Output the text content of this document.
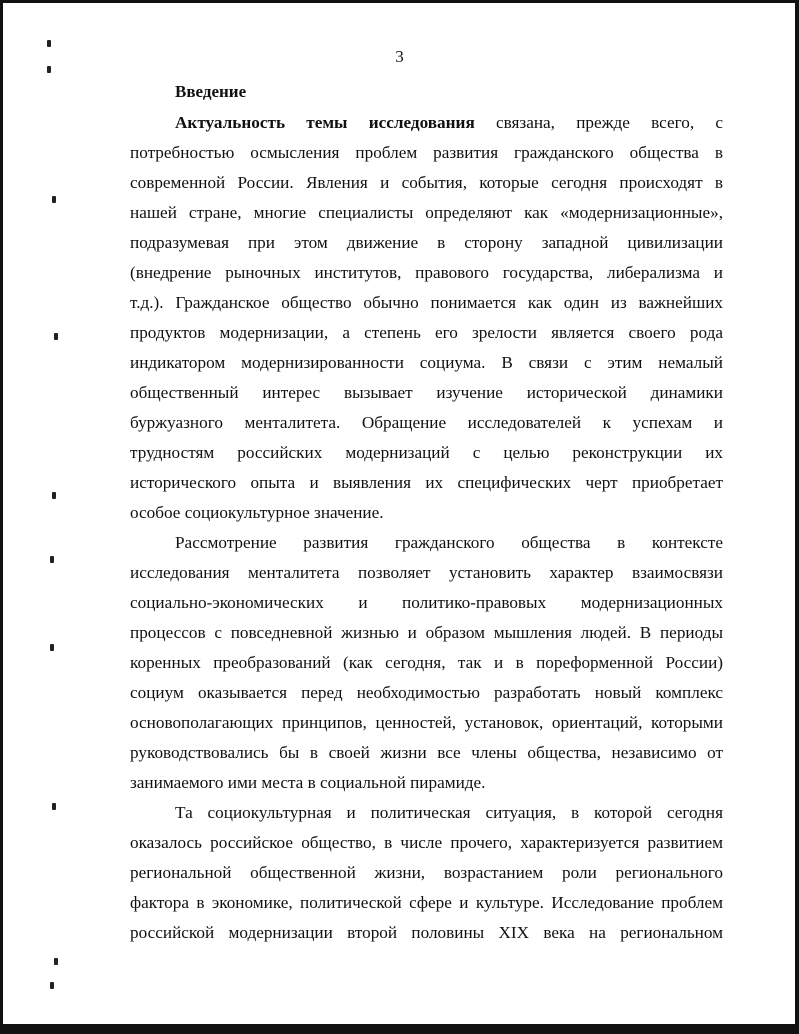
3
Введение
Актуальность темы исследования связана, прежде всего, с
потребностью осмысления проблем развития гражданского общества в
современной России. Явления и события, которые сегодня происходят в
нашей стране, многие специалисты определяют как «модернизационные»,
подразумевая при этом движение в сторону западной цивилизации
(внедрение рыночных институтов, правового государства, либерализма и
т.д.). Гражданское общество обычно понимается как один из важнейших
продуктов модернизации, а степень его зрелости является своего рода
индикатором модернизированности социума. В связи с этим немалый
общественный интерес вызывает изучение исторической динамики
буржуазного менталитета. Обращение исследователей к успехам и
трудностям российских модернизаций с целью реконструкции их
исторического опыта и выявления их специфических черт приобретает
особое социокультурное значение.
Рассмотрение развития гражданского общества в контексте
исследования менталитета позволяет установить характер взаимосвязи
социально-экономических и политико-правовых модернизационных
процессов с повседневной жизнью и образом мышления людей. В периоды
коренных преобразований (как сегодня, так и в пореформенной России)
социум оказывается перед необходимостью разработать новый комплекс
основополагающих принципов, ценностей, установок, ориентаций, которыми
руководствовались бы в своей жизни все члены общества, независимо от
занимаемого ими места в социальной пирамиде.
Та социокультурная и политическая ситуация, в которой сегодня
оказалось российское общество, в числе прочего, характеризуется развитием
региональной общественной жизни, возрастанием роли регионального
фактора в экономике, политической сфере и культуре. Исследование проблем
российской модернизации второй половины XIX века на региональном
